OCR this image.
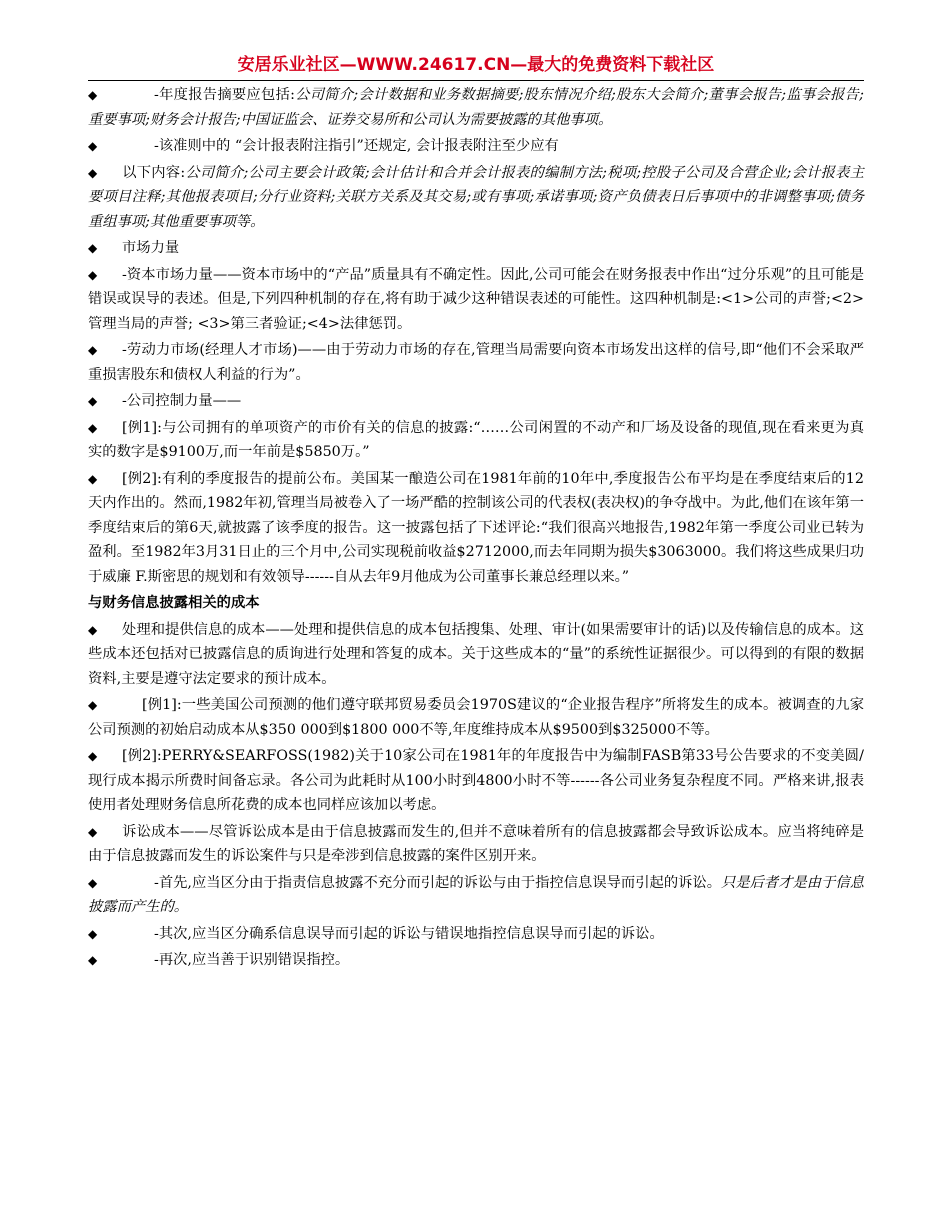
安居乐业社区—WWW.24617.CN—最大的免费资料下载社区

◆	-年度报告摘要应包括:公司简介;会计数据和业务数据摘要;股东情况介绍;股东大会简介;董事会报告;监事会报告;重要事项;财务会计报告;中国证监会、证券交易所和公司认为需要披露的其他事项。

◆	-该准则中的 “会计报表附注指引”还规定, 会计报表附注至少应有

◆ 以下内容:公司简介;公司主要会计政策;会计估计和合并会计报表的编制方法;税项;控股子公司及合营企业;会计报表主要项目注释;其他报表项目;分行业资料;关联方关系及其交易;或有事项;承诺事项;资产负债表日后事项中的非调整事项;债务重组事项;其他重要事项等。

◆ 市场力量

◆ -资本市场力量——资本市场中的“产品”质量具有不确定性。因此,公司可能会在财务报表中作出“过分乐观”的且可能是错误或误导的表述。但是,下列四种机制的存在,将有助于减少这种错误表述的可能性。这四种机制是:<1>公司的声誉;<2>管理当局的声誉; <3>第三者验证;<4>法律惩罚。

◆ -劳动力市场(经理人才市场)——由于劳动力市场的存在,管理当局需要向资本市场发出这样的信号,即“他们不会采取严重损害股东和债权人利益的行为”。

◆ -公司控制力量——

◆ [例1]:与公司拥有的单项资产的市价有关的信息的披露:“……公司闲置的不动产和厂场及设备的现值,现在看来更为真实的数字是$9100万,而一年前是$5850万。”

◆ [例2]:有利的季度报告的提前公布。美国某一酿造公司在1981年前的10年中,季度报告公布平均是在季度结束后的12天内作出的。然而,1982年初,管理当局被卷入了一场严酷的控制该公司的代表权(表决权)的争夺战中。为此,他们在该年第一季度结束后的第6天,就披露了该季度的报告。这一披露包括了下述评论:“我们很高兴地报告,1982年第一季度公司业已转为盈利。至1982年3月31日止的三个月中,公司实现税前收益$2712000,而去年同期为损失$3063000。我们将这些成果归功于威廉 F.斯密思的规划和有效领导------自从去年9月他成为公司董事长兼总经理以来。”

与财务信息披露相关的成本

◆ 处理和提供信息的成本——处理和提供信息的成本包括搜集、处理、审计(如果需要审计的话)以及传输信息的成本。这些成本还包括对已披露信息的质询进行处理和答复的成本。关于这些成本的“量”的系统性证据很少。可以得到的有限的数据资料,主要是遵守法定要求的预计成本。

◆	[例1]:一些美国公司预测的他们遵守联邦贸易委员会1970S建议的“企业报告程序”所将发生的成本。被调查的九家公司预测的初始启动成本从$350 000到$1800 000不等,年度维持成本从$9500到$325000不等。

◆ [例2]:PERRY&SEARFOSS(1982)关于10家公司在1981年的年度报告中为编制FASB第33号公告要求的不变美圆/现行成本揭示所费时间备忘录。各公司为此耗时从100小时到4800小时不等------各公司业务复杂程度不同。严格来讲,报表使用者处理财务信息所花费的成本也同样应该加以考虑。

◆ 诉讼成本——尽管诉讼成本是由于信息披露而发生的,但并不意味着所有的信息披露都会导致诉讼成本。应当将纯碎是由于信息披露而发生的诉讼案件与只是牵涉到信息披露的案件区别开来。

◆	-首先,应当区分由于指责信息披露不充分而引起的诉讼与由于指控信息误导而引起的诉讼。只是后者才是由于信息披露而产生的。

◆	-其次,应当区分确系信息误导而引起的诉讼与错误地指控信息误导而引起的诉讼。

◆	-再次,应当善于识别错误指控。
